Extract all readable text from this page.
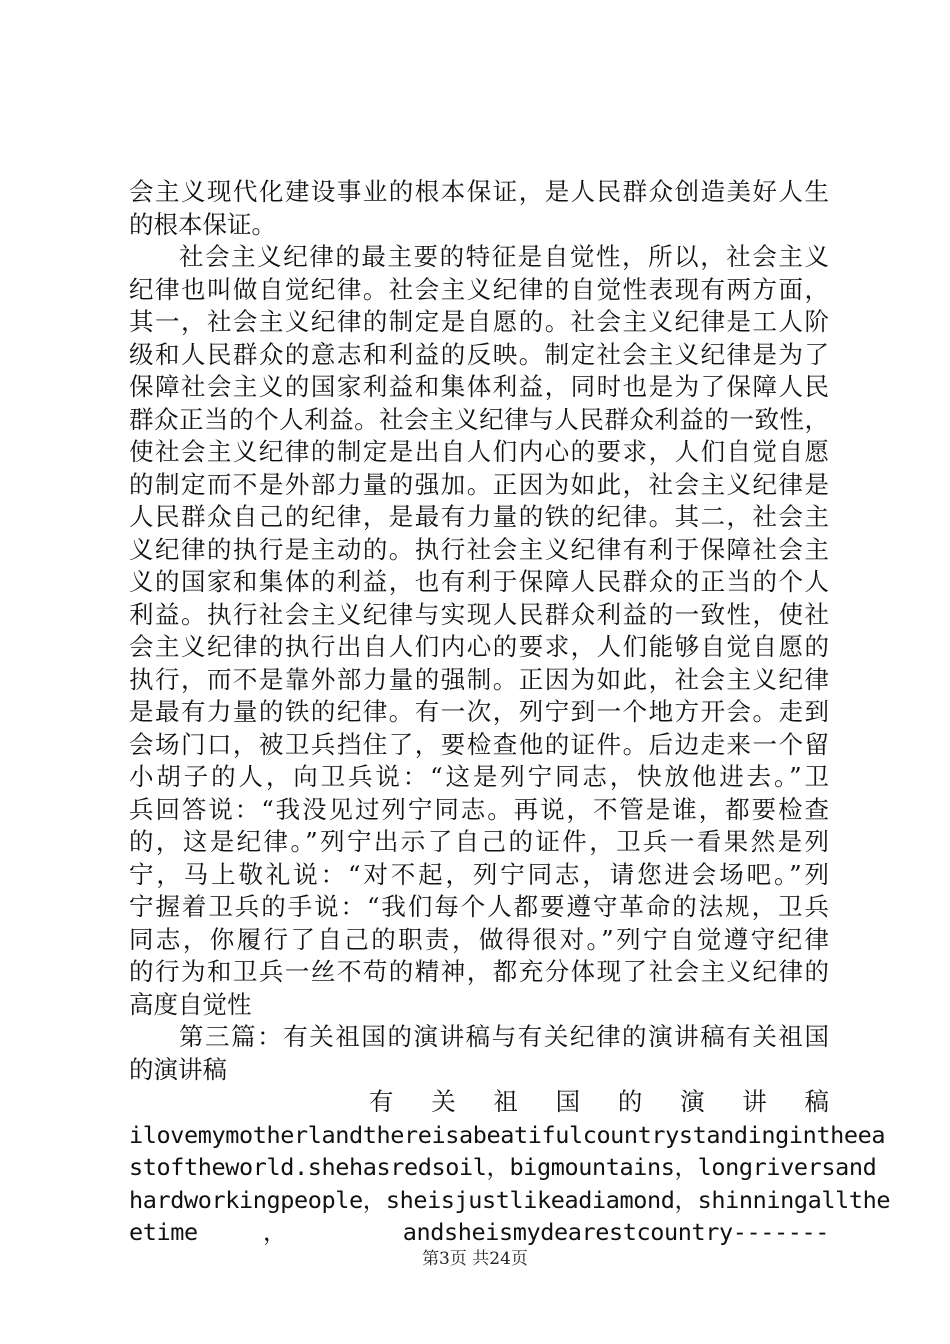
会主义现代化建设事业的根本保证，是人民群众创造美好人生
的根本保证。
社会主义纪律的最主要的特征是自觉性，所以，社会主义
纪律也叫做自觉纪律。社会主义纪律的自觉性表现有两方面，
其一，社会主义纪律的制定是自愿的。社会主义纪律是工人阶
级和人民群众的意志和利益的反映。制定社会主义纪律是为了
保障社会主义的国家利益和集体利益，同时也是为了保障人民
群众正当的个人利益。社会主义纪律与人民群众利益的一致性，
使社会主义纪律的制定是出自人们内心的要求，人们自觉自愿
的制定而不是外部力量的强加。正因为如此，社会主义纪律是
人民群众自己的纪律，是最有力量的铁的纪律。其二，社会主
义纪律的执行是主动的。执行社会主义纪律有利于保障社会主
义的国家和集体的利益，也有利于保障人民群众的正当的个人
利益。执行社会主义纪律与实现人民群众利益的一致性，使社
会主义纪律的执行出自人们内心的要求，人们能够自觉自愿的
执行，而不是靠外部力量的强制。正因为如此，社会主义纪律
是最有力量的铁的纪律。有一次，列宁到一个地方开会。走到
会场门口，被卫兵挡住了，要检查他的证件。后边走来一个留
小胡子的人，向卫兵说：“这是列宁同志，快放他进去。”卫
兵回答说：“我没见过列宁同志。再说，不管是谁，都要检查
的，这是纪律。”列宁出示了自己的证件，卫兵一看果然是列
宁，马上敬礼说：“对不起，列宁同志，请您进会场吧。”列
宁握着卫兵的手说：“我们每个人都要遵守革命的法规，卫兵
同志，你履行了自己的职责，做得很对。”列宁自觉遵守纪律
的行为和卫兵一丝不苟的精神，都充分体现了社会主义纪律的
高度自觉性
第三篇：有关祖国的演讲稿与有关纪律的演讲稿有关祖国
的演讲稿
有 关 祖 国 的 演 讲 稿
ilovemymotherlandthereisabeatifulcountrystandingintheea
stoftheworld.shehasredsoil，bigmountains，longriversand
hardworkingpeople，sheisjustlikeadiamond，shinningallthe
etime ， andsheismydearestcountry-------
第3页 共24页
